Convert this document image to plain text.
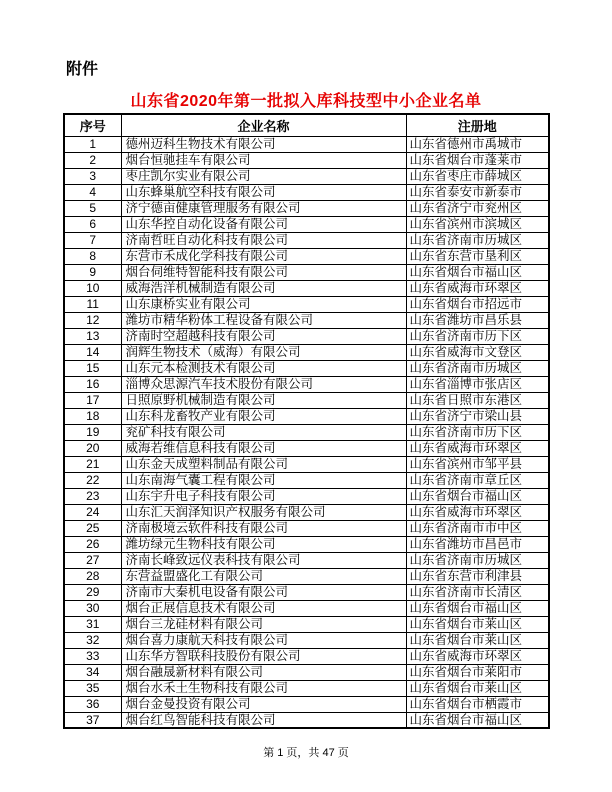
附件
山东省2020年第一批拟入库科技型中小企业名单
序号	企业名称	注册地
1	德州迈科生物技术有限公司	山东省德州市禹城市
2	烟台恒驰挂车有限公司	山东省烟台市蓬莱市
3	枣庄凯尔实业有限公司	山东省枣庄市薛城区
4	山东蜂巢航空科技有限公司	山东省泰安市新泰市
5	济宁德亩健康管理服务有限公司	山东省济宁市兖州区
6	山东华控自动化设备有限公司	山东省滨州市滨城区
7	济南哲旺自动化科技有限公司	山东省济南市历城区
8	东营市禾成化学科技有限公司	山东省东营市垦利区
9	烟台伺维特智能科技有限公司	山东省烟台市福山区
10	威海浩洋机械制造有限公司	山东省威海市环翠区
11	山东康桥实业有限公司	山东省烟台市招远市
12	潍坊市精华粉体工程设备有限公司	山东省潍坊市昌乐县
13	济南时空超越科技有限公司	山东省济南市历下区
14	润辉生物技术（威海）有限公司	山东省威海市文登区
15	山东元本检测技术有限公司	山东省济南市历城区
16	淄博众思源汽车技术股份有限公司	山东省淄博市张店区
17	日照原野机械制造有限公司	山东省日照市东港区
18	山东科龙畜牧产业有限公司	山东省济宁市梁山县
19	兖矿科技有限公司	山东省济南市历下区
20	威海若维信息科技有限公司	山东省威海市环翠区
21	山东金天成塑料制品有限公司	山东省滨州市邹平县
22	山东南海气囊工程有限公司	山东省济南市章丘区
23	山东宇升电子科技有限公司	山东省烟台市福山区
24	山东汇天润泽知识产权服务有限公司	山东省威海市环翠区
25	济南极境云软件科技有限公司	山东省济南市市中区
26	潍坊绿元生物科技有限公司	山东省潍坊市昌邑市
27	济南长峰致远仪表科技有限公司	山东省济南市历城区
28	东营益盟盛化工有限公司	山东省东营市利津县
29	济南市大秦机电设备有限公司	山东省济南市长清区
30	烟台正展信息技术有限公司	山东省烟台市福山区
31	烟台三龙硅材料有限公司	山东省烟台市莱山区
32	烟台喜力康航天科技有限公司	山东省烟台市莱山区
33	山东华方智联科技股份有限公司	山东省威海市环翠区
34	烟台融晟新材料有限公司	山东省烟台市莱阳市
35	烟台水禾土生物科技有限公司	山东省烟台市莱山区
36	烟台金曼投资有限公司	山东省烟台市栖霞市
37	烟台红鸟智能科技有限公司	山东省烟台市福山区
第 1 页，共 47 页
